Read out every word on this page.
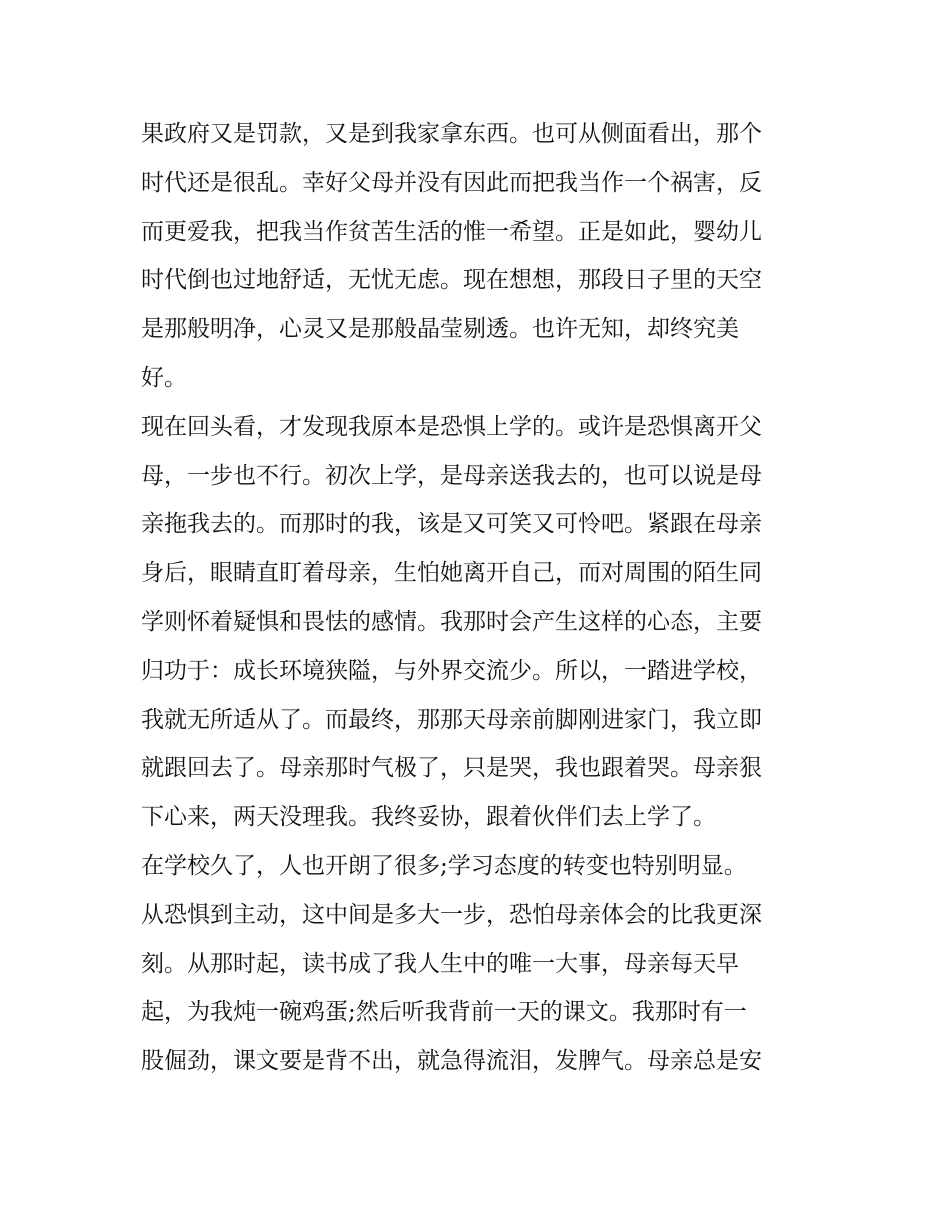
果政府又是罚款，又是到我家拿东西。也可从侧面看出，那个
时代还是很乱。幸好父母并没有因此而把我当作一个祸害，反
而更爱我，把我当作贫苦生活的惟一希望。正是如此，婴幼儿
时代倒也过地舒适，无忧无虑。现在想想，那段日子里的天空
是那般明净，心灵又是那般晶莹剔透。也许无知，却终究美
好。
现在回头看，才发现我原本是恐惧上学的。或许是恐惧离开父
母，一步也不行。初次上学，是母亲送我去的，也可以说是母
亲拖我去的。而那时的我，该是又可笑又可怜吧。紧跟在母亲
身后，眼睛直盯着母亲，生怕她离开自己，而对周围的陌生同
学则怀着疑惧和畏怯的感情。我那时会产生这样的心态，主要
归功于：成长环境狭隘，与外界交流少。所以，一踏进学校，
我就无所适从了。而最终，那那天母亲前脚刚进家门，我立即
就跟回去了。母亲那时气极了，只是哭，我也跟着哭。母亲狠
下心来，两天没理我。我终妥协，跟着伙伴们去上学了。
在学校久了，人也开朗了很多;学习态度的转变也特别明显。
从恐惧到主动，这中间是多大一步，恐怕母亲体会的比我更深
刻。从那时起，读书成了我人生中的唯一大事，母亲每天早
起，为我炖一碗鸡蛋;然后听我背前一天的课文。我那时有一
股倔劲，课文要是背不出，就急得流泪，发脾气。母亲总是安
